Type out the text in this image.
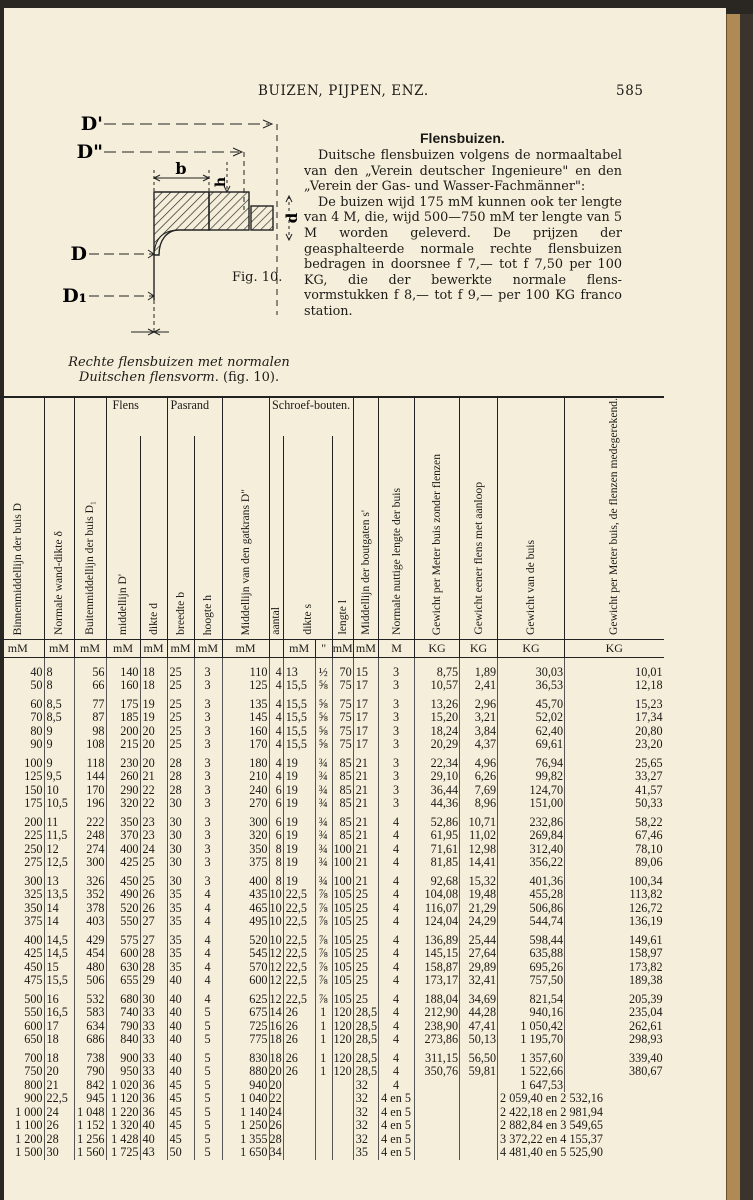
BUIZEN, PIJPEN, ENZ.	585
D'
D"
b
h
d
D
D₁
Fig. 10.
Rechte flensbuizen met normalen
Duitschen flensvorm. (fig. 10).
Flensbuizen.

Duitsche flensbuizen volgens de normaaltabel van den „Verein deutscher Ingenieure" en den „Verein der Gas- und Wasser-Fachmänner":

De buizen wijd 175 mM kunnen ook ter lengte van 4 M, die, wijd 500—750 mM ter lengte van 5 M worden geleverd. De prijzen der geasphalteerde normale rechte flensbuizen bedragen in doorsnee f 7,— tot f 7,50 per 100 KG, die der bewerkte normale flens-vormstukken f 8,— tot f 9,— per 100 KG franco station.

Binnenmiddellijn der buis D	Normale wand-dikte δ	Buitenmiddellijn der buis D₁	Flens		Pasrand		Middellijn van den gatkrans D"	Schroef-bouten.				Middellijn der boutgaten s'	Normale nuttige lengte der buis	Gewicht per Meter buis zonder flenzen	Gewicht eener flens met aanloop	Gewicht van de buis	Gewicht per Meter buis, de flenzen medegerekend.
			middellijn D'	dikte d	breedte b	hoogte h		aantal	dikte s		lengte l						
mM	mM	mM	mM	mM	mM	mM	mM		mM	"	mM	mM	M	KG	KG	KG	KG
40	8	56	140	18	25	3	110	4	13	½	70	15	3	8,75	1,89	30,03	10,01
50	8	66	160	18	25	3	125	4	15,5	⅝	75	17	3	10,57	2,41	36,53	12,18
60	8,5	77	175	19	25	3	135	4	15,5	⅝	75	17	3	13,26	2,96	45,70	15,23
70	8,5	87	185	19	25	3	145	4	15,5	⅝	75	17	3	15,20	3,21	52,02	17,34
80	9	98	200	20	25	3	160	4	15,5	⅝	75	17	3	18,24	3,84	62,40	20,80
90	9	108	215	20	25	3	170	4	15,5	⅝	75	17	3	20,29	4,37	69,61	23,20
100	9	118	230	20	28	3	180	4	19	¾	85	21	3	22,34	4,96	76,94	25,65
125	9,5	144	260	21	28	3	210	4	19	¾	85	21	3	29,10	6,26	99,82	33,27
150	10	170	290	22	28	3	240	6	19	¾	85	21	3	36,44	7,69	124,70	41,57
175	10,5	196	320	22	30	3	270	6	19	¾	85	21	3	44,36	8,96	151,00	50,33
200	11	222	350	23	30	3	300	6	19	¾	85	21	4	52,86	10,71	232,86	58,22
225	11,5	248	370	23	30	3	320	6	19	¾	85	21	4	61,95	11,02	269,84	67,46
250	12	274	400	24	30	3	350	8	19	¾	100	21	4	71,61	12,98	312,40	78,10
275	12,5	300	425	25	30	3	375	8	19	¾	100	21	4	81,85	14,41	356,22	89,06
300	13	326	450	25	30	3	400	8	19	¾	100	21	4	92,68	15,32	401,36	100,34
325	13,5	352	490	26	35	4	435	10	22,5	⅞	105	25	4	104,08	19,48	455,28	113,82
350	14	378	520	26	35	4	465	10	22,5	⅞	105	25	4	116,07	21,29	506,86	126,72
375	14	403	550	27	35	4	495	10	22,5	⅞	105	25	4	124,04	24,29	544,74	136,19
400	14,5	429	575	27	35	4	520	10	22,5	⅞	105	25	4	136,89	25,44	598,44	149,61
425	14,5	454	600	28	35	4	545	12	22,5	⅞	105	25	4	145,15	27,64	635,88	158,97
450	15	480	630	28	35	4	570	12	22,5	⅞	105	25	4	158,87	29,89	695,26	173,82
475	15,5	506	655	29	40	4	600	12	22,5	⅞	105	25	4	173,17	32,41	757,50	189,38
500	16	532	680	30	40	4	625	12	22,5	⅞	105	25	4	188,04	34,69	821,54	205,39
550	16,5	583	740	33	40	5	675	14	26	1	120	28,5	4	212,90	44,28	940,16	235,04
600	17	634	790	33	40	5	725	16	26	1	120	28,5	4	238,90	47,41	1 050,42	262,61
650	18	686	840	33	40	5	775	18	26	1	120	28,5	4	273,86	50,13	1 195,70	298,93
700	18	738	900	33	40	5	830	18	26	1	120	28,5	4	311,15	56,50	1 357,60	339,40
750	20	790	950	33	40	5	880	20	26	1	120	28,5	4	350,76	59,81	1 522,66	380,67
800	21	842	1 020	36	45	5	940	20				32	4			1 647,53	
900	22,5	945	1 120	36	45	5	1 040	22				32	4 en 5			2 059,40 en 2 532,16	
1 000	24	1 048	1 220	36	45	5	1 140	24				32	4 en 5			2 422,18 en 2 981,94	
1 100	26	1 152	1 320	40	45	5	1 250	26				32	4 en 5			2 882,84 en 3 549,65	
1 200	28	1 256	1 428	40	45	5	1 355	28				32	4 en 5			3 372,22 en 4 155,37	
1 500	30	1 560	1 725	43	50	5	1 650	34				35	4 en 5			4 481,40 en 5 525,90	
